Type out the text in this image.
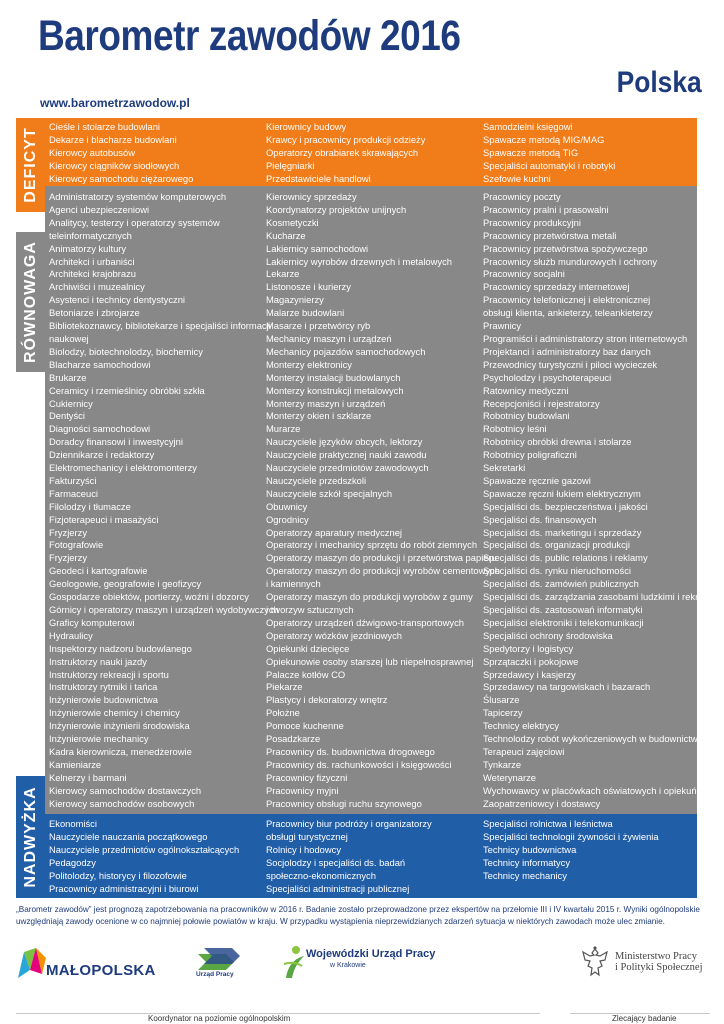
Barometr zawodów 2016
Polska
www.barometrzawodow.pl
DEFICYT
RÓWNOWAGA
NADWYŻKA
Cieśle i stolarze budowlani
Dekarze i blacharze budowlani
Kierowcy autobusów
Kierowcy ciągników siodłowych
Kierowcy samochodu ciężarowego
Kierownicy budowy
Krawcy i pracownicy produkcji odzieży
Operatorzy obrabiarek skrawających
Pielęgniarki
Przedstawiciele handlowi
Samodzielni księgowi
Spawacze metodą MIG/MAG
Spawacze metodą TIG
Specjaliści automatyki i robotyki
Szefowie kuchni
Administratorzy systemów komputerowych
Agenci ubezpieczeniowi
Analitycy, testerzy i operatorzy systemów
teleinformatycznych
Animatorzy kultury
Architekci i urbaniści
Architekci krajobrazu
Archiwiści i muzealnicy
Asystenci i technicy dentystyczni
Betoniarze i zbrojarze
Bibliotekoznawcy, bibliotekarze i specjaliści informacji
naukowej
Biolodzy, biotechnolodzy, biochemicy
Blacharze samochodowi
Brukarze
Ceramicy i rzemieślnicy obróbki szkła
Cukiernicy
Dentyści
Diagności samochodowi
Doradcy finansowi i inwestycyjni
Dziennikarze i redaktorzy
Elektromechanicy i elektromonterzy
Fakturzyści
Farmaceuci
Filolodzy i tłumacze
Fizjoterapeuci i masażyści
Fryzjerzy
Fotografowie
Fryzjerzy
Geodeci i kartografowie
Geologowie, geografowie i geofizycy
Gospodarze obiektów, portierzy, woźni i dozorcy
Górnicy i operatorzy maszyn i urządzeń wydobywczych
Graficy komputerowi
Hydraulicy
Inspektorzy nadzoru budowlanego
Instruktorzy nauki jazdy
Instruktorzy rekreacji i sportu
Instruktorzy rytmiki i tańca
Inżynierowie budownictwa
Inżynierowie chemicy i chemicy
Inżynierowie inżynierii środowiska
Inżynierowie mechanicy
Kadra kierownicza, menedżerowie
Kamieniarze
Kelnerzy i barmani
Kierowcy samochodów dostawczych
Kierowcy samochodów osobowych
Kierownicy sprzedaży
Koordynatorzy projektów unijnych
Kosmetyczki
Kucharze
Lakiernicy samochodowi
Lakiernicy wyrobów drzewnych i metalowych
Lekarze
Listonosze i kurierzy
Magazynierzy
Malarze budowlani
Masarze i przetwórcy ryb
Mechanicy maszyn i urządzeń
Mechanicy pojazdów samochodowych
Monterzy elektronicy
Monterzy instalacji budowlanych
Monterzy konstrukcji metalowych
Monterzy maszyn i urządzeń
Monterzy okien i szklarze
Murarze
Nauczyciele języków obcych, lektorzy
Nauczyciele praktycznej nauki zawodu
Nauczyciele przedmiotów zawodowych
Nauczyciele przedszkoli
Nauczyciele szkół specjalnych
Obuwnicy
Ogrodnicy
Operatorzy aparatury medycznej
Operatorzy i mechanicy sprzętu do robót ziemnych
Operatorzy maszyn do produkcji i przetwórstwa papieru
Operatorzy maszyn do produkcji wyrobów cementowych
i kamiennych
Operatorzy maszyn do produkcji wyrobów z gumy
i tworzyw sztucznych
Operatorzy urządzeń dźwigowo-transportowych
Operatorzy wózków jezdniowych
Opiekunki dziecięce
Opiekunowie osoby starszej lub niepełnosprawnej
Palacze kotłów CO
Piekarze
Plastycy i dekoratorzy wnętrz
Położne
Pomoce kuchenne
Posadzkarze
Pracownicy ds. budownictwa drogowego
Pracownicy ds. rachunkowości i księgowości
Pracownicy fizyczni
Pracownicy myjni
Pracownicy obsługi ruchu szynowego
Pracownicy poczty
Pracownicy pralni i prasowalni
Pracownicy produkcyjni
Pracownicy przetwórstwa metali
Pracownicy przetwórstwa spożywczego
Pracownicy służb mundurowych i ochrony
Pracownicy socjalni
Pracownicy sprzedaży internetowej
Pracownicy telefonicznej i elektronicznej
obsługi klienta, ankieterzy, teleankieterzy
Prawnicy
Programiści i administratorzy stron internetowych
Projektanci i administratorzy baz danych
Przewodnicy turystyczni i piloci wycieczek
Psycholodzy i psychoterapeuci
Ratownicy medyczni
Recepcjoniści i rejestratorzy
Robotnicy budowlani
Robotnicy leśni
Robotnicy obróbki drewna i stolarze
Robotnicy poligraficzni
Sekretarki
Spawacze ręcznie gazowi
Spawacze ręczni łukiem elektrycznym
Specjaliści ds. bezpieczeństwa i jakości
Specjaliści ds. finansowych
Specjaliści ds. marketingu i sprzedaży
Specjaliści ds. organizacji produkcji
Specjaliści ds. public relations i reklamy
Specjaliści ds. rynku nieruchomości
Specjaliści ds. zamówień publicznych
Specjaliści ds. zarządzania zasobami ludzkimi i rekrutacji
Specjaliści ds. zastosowań informatyki
Specjaliści elektroniki i telekomunikacji
Specjaliści ochrony środowiska
Spedytorzy i logistycy
Sprzątaczki i pokojowe
Sprzedawcy i kasjerzy
Sprzedawcy na targowiskach i bazarach
Ślusarze
Tapicerzy
Technicy elektrycy
Technolodzy robót wykończeniowych w budownictwie
Terapeuci zajęciowi
Tynkarze
Weterynarze
Wychowawcy w placówkach oświatowych i opiekuńczych
Zaopatrzeniowcy i dostawcy
Ekonomiści
Nauczyciele nauczania początkowego
Nauczyciele przedmiotów ogólnokształcących
Pedagodzy
Politolodzy, historycy i filozofowie
Pracownicy administracyjni i biurowi
Pracownicy biur podróży i organizatorzy
obsługi turystycznej
Rolnicy i hodowcy
Socjolodzy i specjaliści ds. badań
społeczno-ekonomicznych
Specjaliści administracji publicznej
Specjaliści rolnictwa i leśnictwa
Specjaliści technologii żywności i żywienia
Technicy budownictwa
Technicy informatycy
Technicy mechanicy
„Barometr zawodów” jest prognozą zapotrzebowania na pracowników w 2016 r. Badanie zostało przeprowadzone przez ekspertów na przełomie III i IV kwartału 2015 r. Wyniki ogólnopolskie uwzględniają zawody ocenione w co najmniej połowie powiatów w kraju. W przypadku wystąpienia nieprzewidzianych zdarzeń sytuacja w niektórych zawodach może ulec zmianie.
MAŁOPOLSKA	Urząd Pracy
Wojewódzki Urząd Pracy
w Krakowie
Ministerstwo Pracy
i Polityki Społecznej
Koordynator na poziomie ogólnopolskim	Zlecający badanie
